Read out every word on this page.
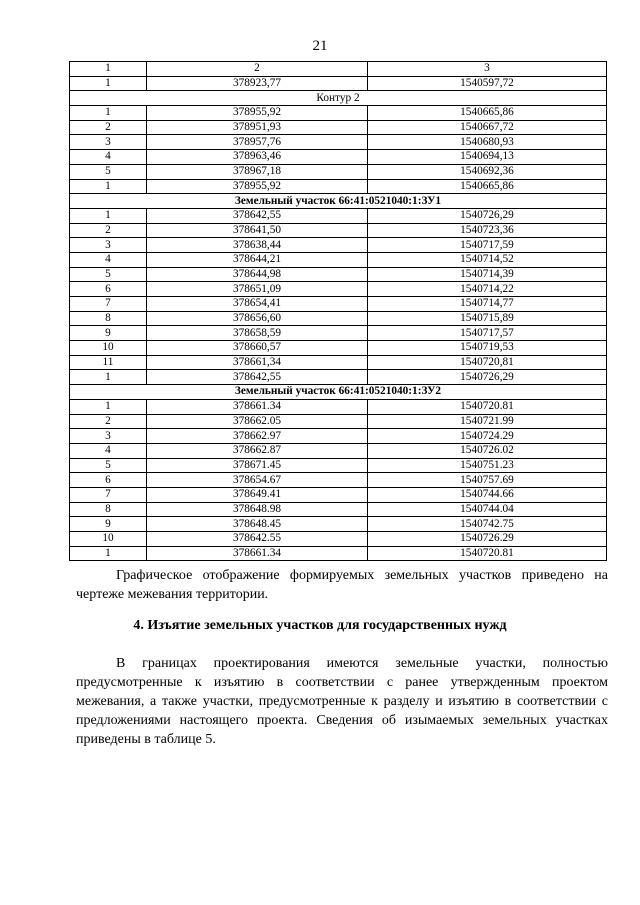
21
1	2	3
1	378923,77	1540597,72
Контур 2		
1	378955,92	1540665,86
2	378951,93	1540667,72
3	378957,76	1540680,93
4	378963,46	1540694,13
5	378967,18	1540692,36
1	378955,92	1540665,86
Земельный участок 66:41:0521040:1:ЗУ1		
1	378642,55	1540726,29
2	378641,50	1540723,36
3	378638,44	1540717,59
4	378644,21	1540714,52
5	378644,98	1540714,39
6	378651,09	1540714,22
7	378654,41	1540714,77
8	378656,60	1540715,89
9	378658,59	1540717,57
10	378660,57	1540719,53
11	378661,34	1540720,81
1	378642,55	1540726,29
Земельный участок 66:41:0521040:1:ЗУ2		
1	378661.34	1540720.81
2	378662.05	1540721.99
3	378662.97	1540724.29
4	378662.87	1540726.02
5	378671.45	1540751.23
6	378654.67	1540757.69
7	378649.41	1540744.66
8	378648.98	1540744.04
9	378648.45	1540742.75
10	378642.55	1540726.29
1	378661.34	1540720.81

Графическое отображение формируемых земельных участков приведено на чертеже межевания территории.

4. Изъятие земельных участков для государственных нужд

В границах проектирования имеются земельные участки, полностью предусмотренные к изъятию в соответствии с ранее утвержденным проектом межевания, а также участки, предусмотренные к разделу и изъятию в соответствии с предложениями настоящего проекта. Сведения об изымаемых земельных участках приведены в таблице 5.
